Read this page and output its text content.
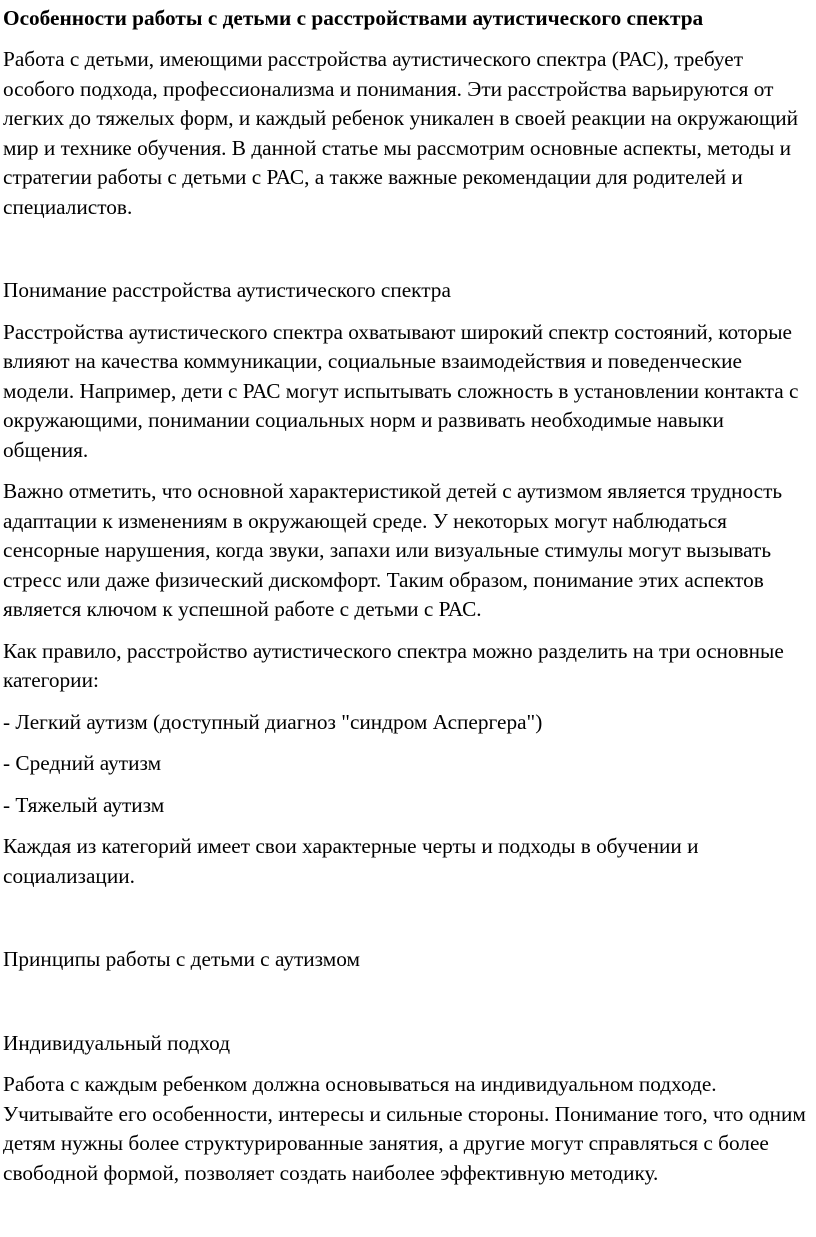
Особенности работы с детьми с расстройствами аутистического спектра

Работа с детьми, имеющими расстройства аутистического спектра (РАС), требует особого подхода, профессионализма и понимания. Эти расстройства варьируются от легких до тяжелых форм, и каждый ребенок уникален в своей реакции на окружающий мир и технике обучения. В данной статье мы рассмотрим основные аспекты, методы и стратегии работы с детьми с РАС, а также важные рекомендации для родителей и специалистов.

Понимание расстройства аутистического спектра

Расстройства аутистического спектра охватывают широкий спектр состояний, которые влияют на качества коммуникации, социальные взаимодействия и поведенческие модели. Например, дети с РАС могут испытывать сложность в установлении контакта с окружающими, понимании социальных норм и развивать необходимые навыки общения.

Важно отметить, что основной характеристикой детей с аутизмом является трудность адаптации к изменениям в окружающей среде. У некоторых могут наблюдаться сенсорные нарушения, когда звуки, запахи или визуальные стимулы могут вызывать стресс или даже физический дискомфорт. Таким образом, понимание этих аспектов является ключом к успешной работе с детьми с РАС.

Как правило, расстройство аутистического спектра можно разделить на три основные категории:

- Легкий аутизм (доступный диагноз "синдром Аспергера")

- Средний аутизм

- Тяжелый аутизм

Каждая из категорий имеет свои характерные черты и подходы в обучении и социализации.

Принципы работы с детьми с аутизмом
Индивидуальный подход

Работа с каждым ребенком должна основываться на индивидуальном подходе. Учитывайте его особенности, интересы и сильные стороны. Понимание того, что одним детям нужны более структурированные занятия, а другие могут справляться с более свободной формой, позволяет создать наиболее эффективную методику.
